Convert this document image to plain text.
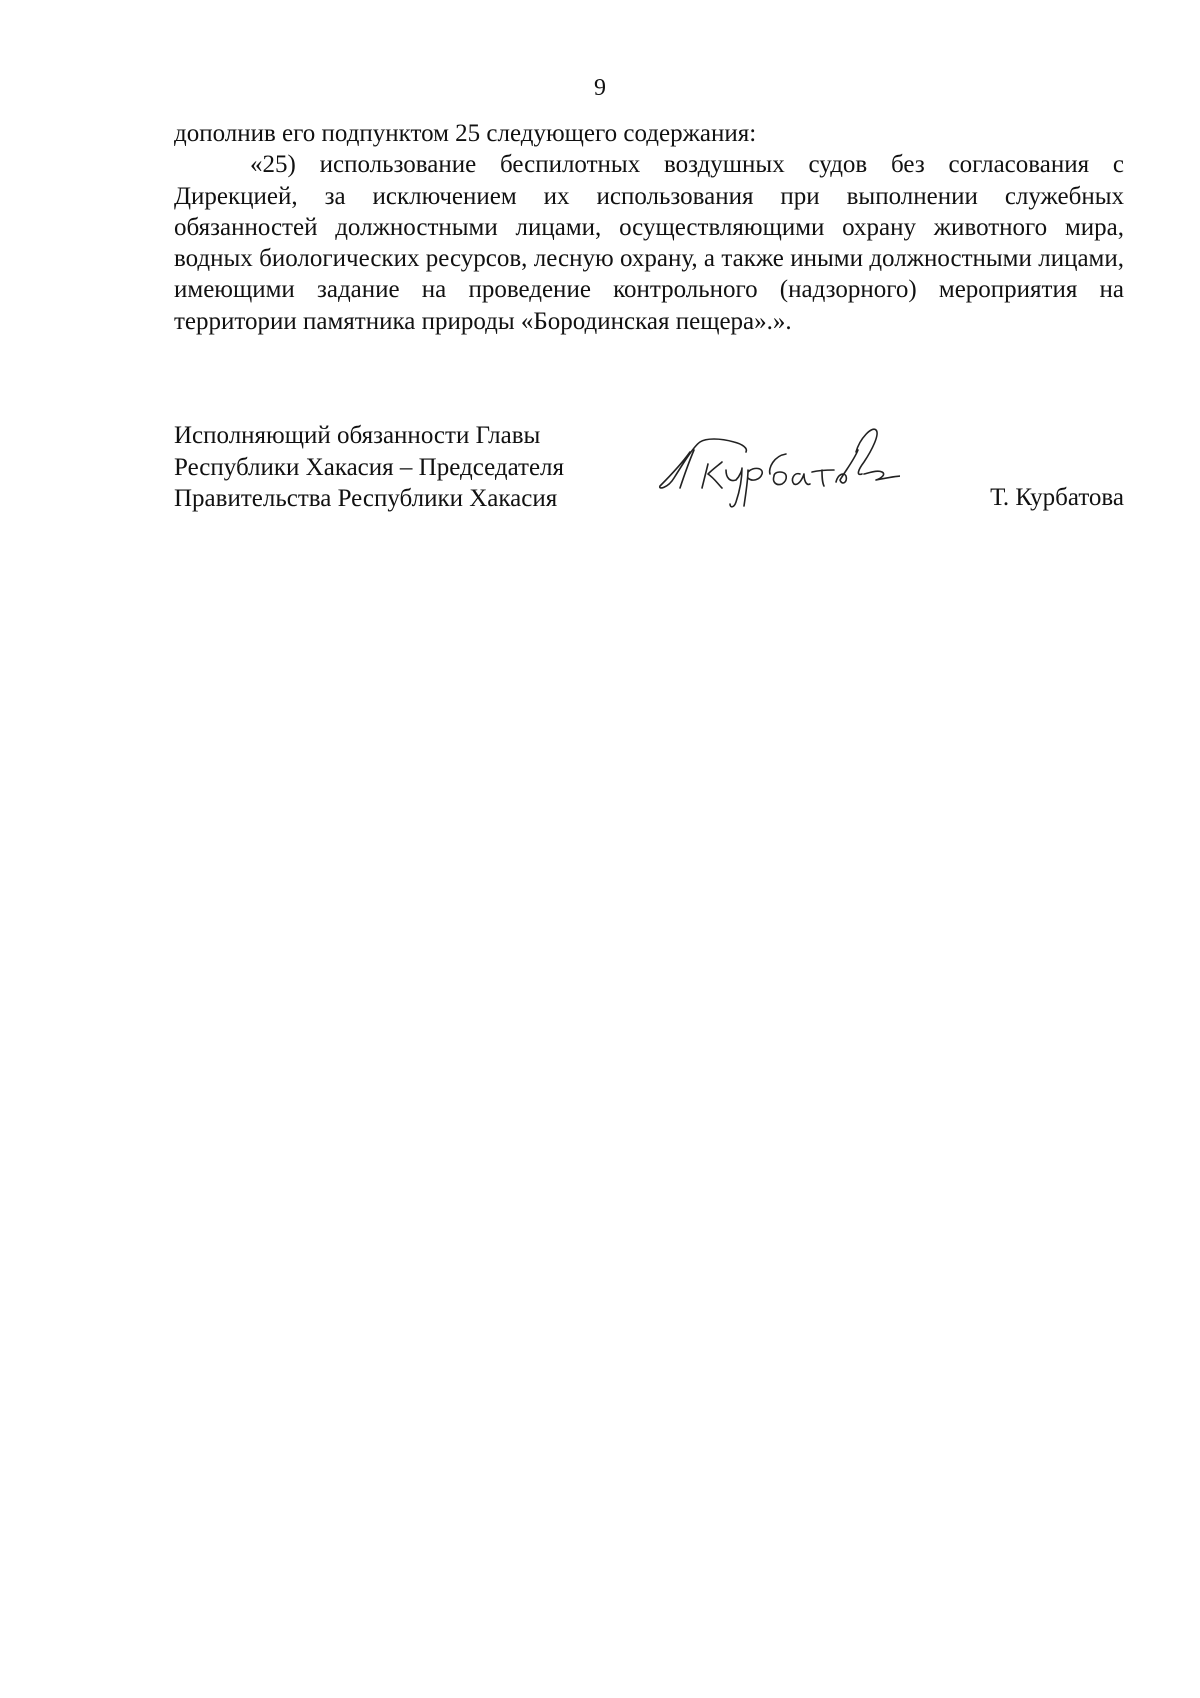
9

дополнив его подпунктом 25 следующего содержания:

«25) использование беспилотных воздушных судов без согласования с Дирекцией, за исключением их использования при выполнении служебных обязанностей должностными лицами, осуществляющими охрану животного мира, водных биологических ресурсов, лесную охрану, а также иными должностными лицами, имеющими задание на проведение контрольного (надзорного) мероприятия на территории памятника природы «Бородинская пещера».».

Исполняющий обязанности Главы
Республики Хакасия – Председателя
Правительства Республики Хакасия	Т. Курбатова
